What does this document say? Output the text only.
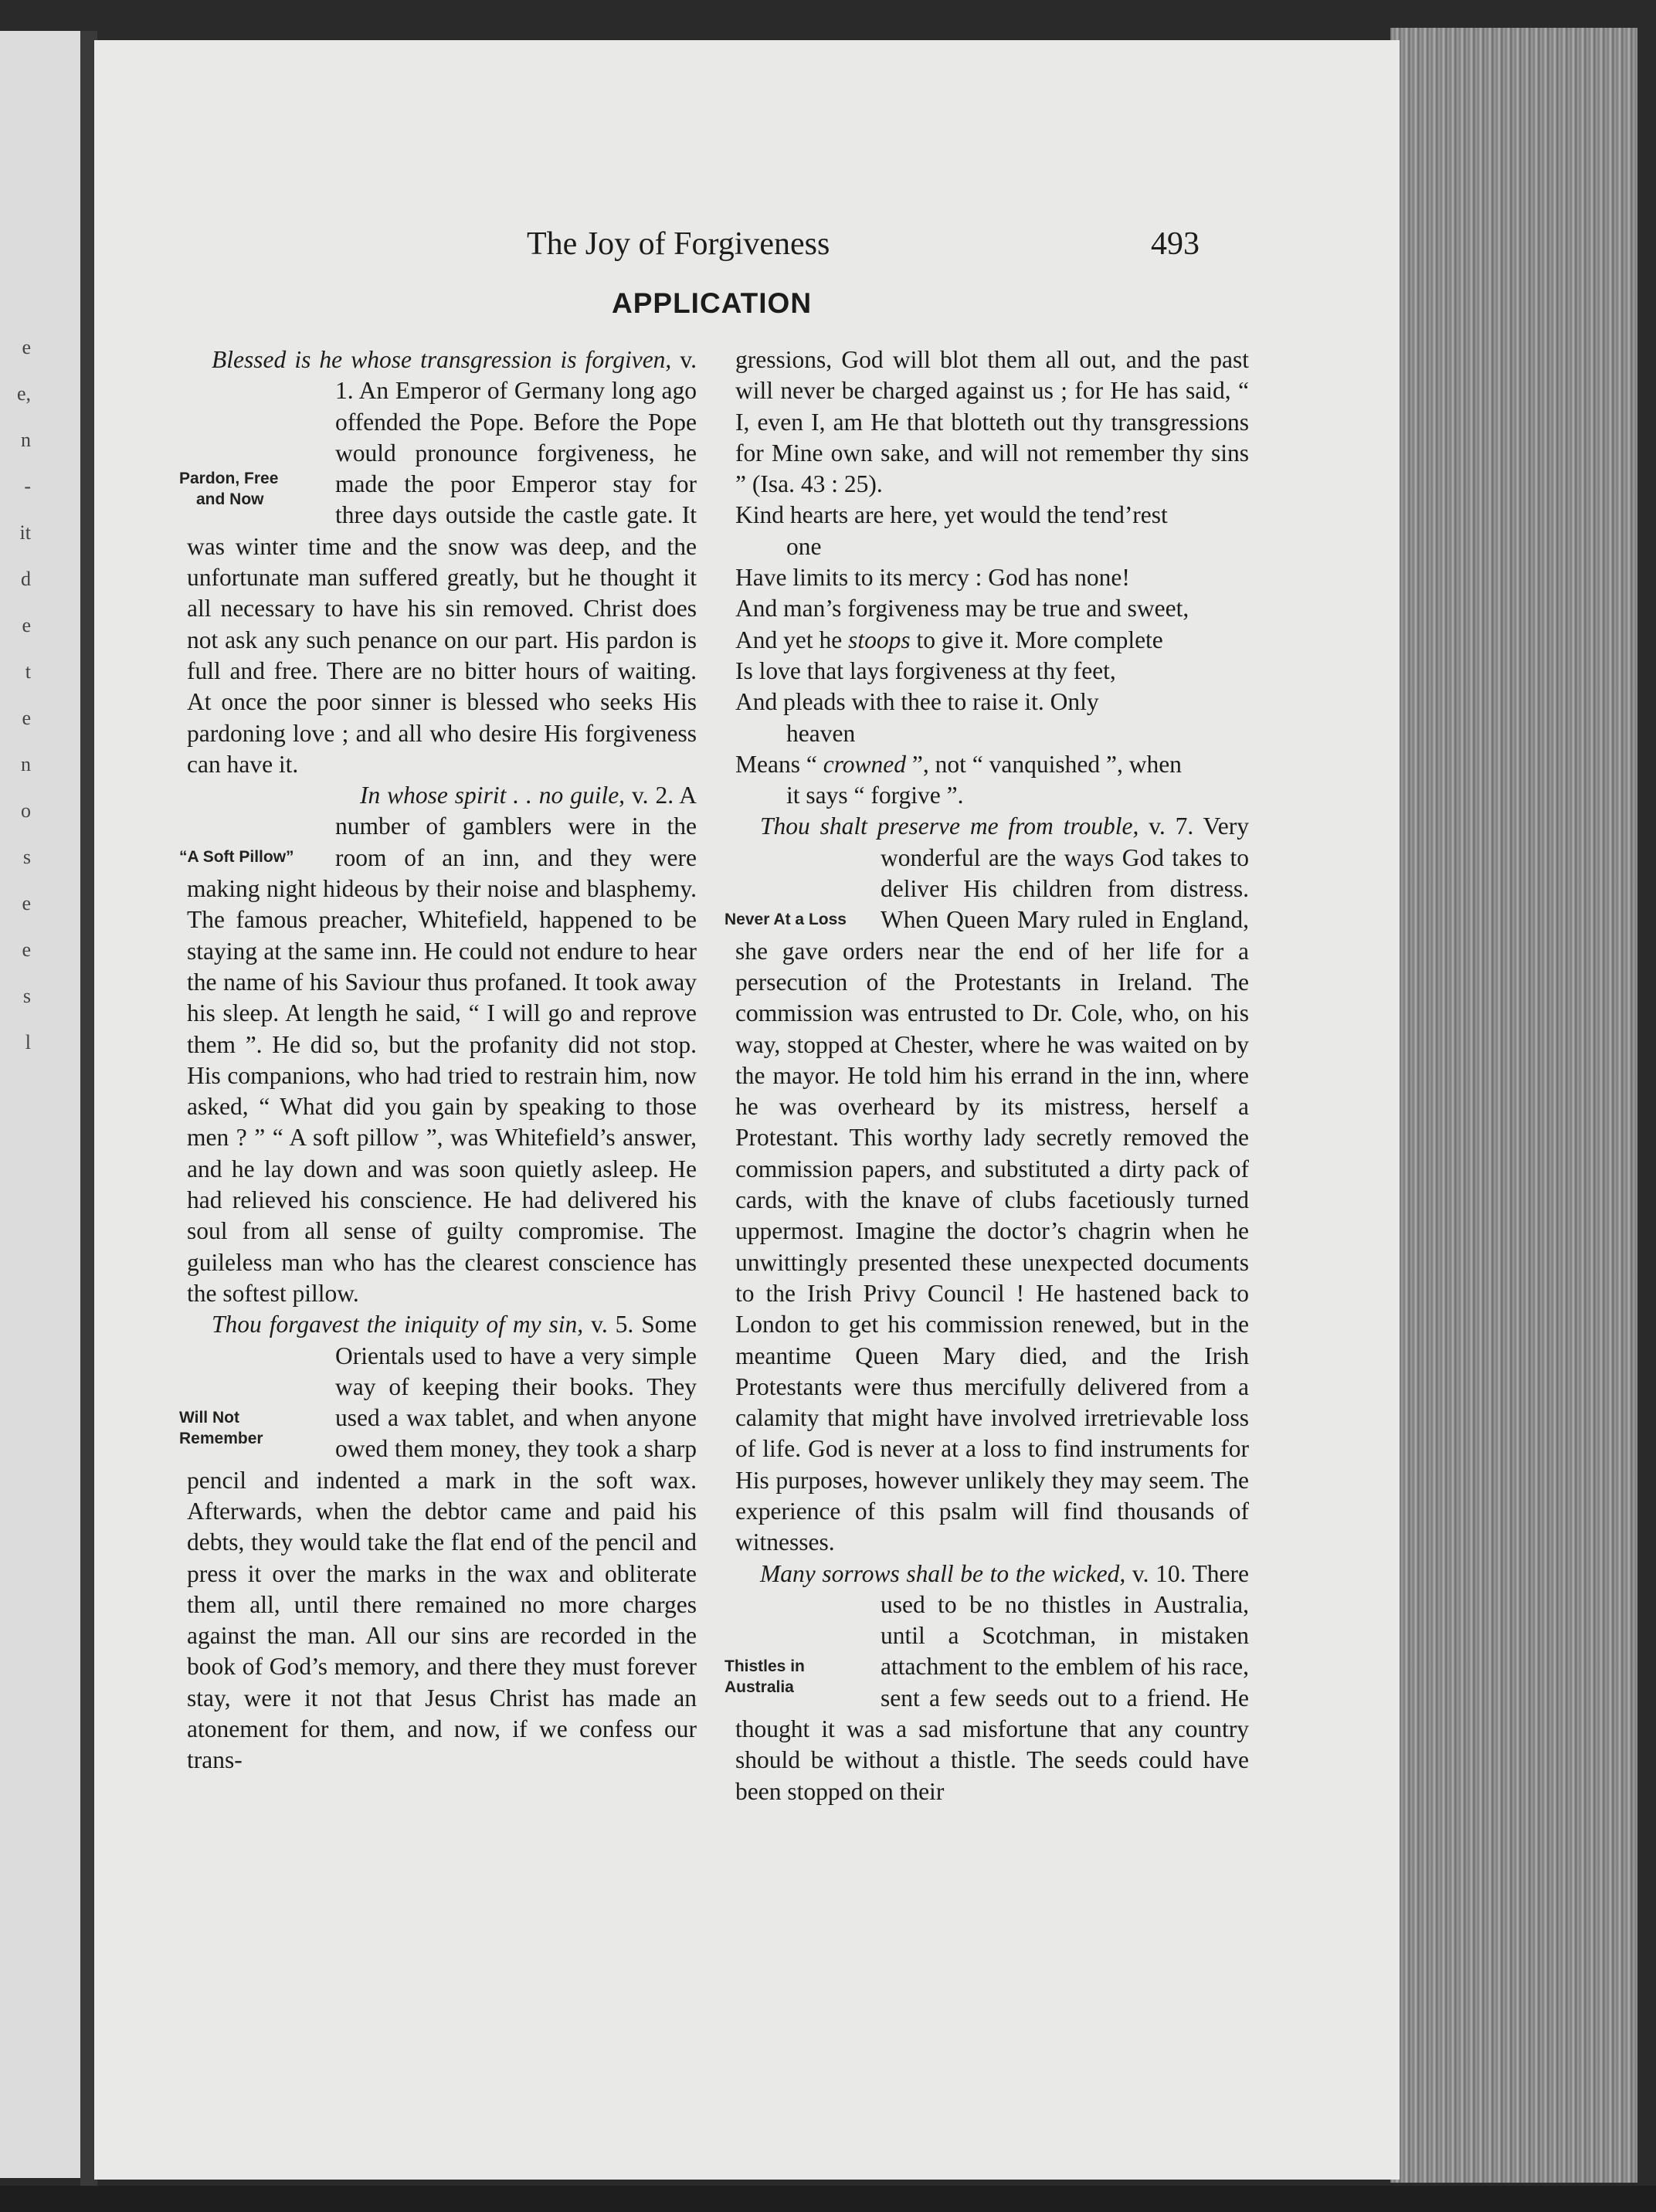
e
e,
n
-
it
d
e
t
e
n
o
s
e
e
s
l
The Joy of Forgiveness	493
APPLICATION

Blessed is he whose transgression is forgiven,
Pardon, Free
and Now
v. 1. An Emperor of Germany long ago offended the Pope. Before the Pope would pronounce forgiveness, he made the poor Emperor stay for three days outside the castle gate. It was winter time and the snow was deep, and the unfortunate man suffered greatly, but he thought it all necessary to have his sin removed. Christ does not ask any such penance on our part. His pardon is full and free. There are no bitter hours of waiting. At once the poor sinner is blessed who seeks His pardoning love ; and all who desire His forgiveness can have it.

In whose spirit . . no guile,
“A Soft Pillow”
v. 2. A number of gamblers were in the room of an inn, and they were making night hideous by their noise and blasphemy. The famous preacher, Whitefield, happened to be staying at the same inn. He could not endure to hear the name of his Saviour thus profaned. It took away his sleep. At length he said, “ I will go and reprove them ”. He did so, but the profanity did not stop. His companions, who had tried to restrain him, now asked, “ What did you gain by speaking to those men ? ” “ A soft pillow ”, was Whitefield’s answer, and he lay down and was soon quietly asleep. He had relieved his conscience. He had delivered his soul from all sense of guilty compromise. The guileless man who has the clearest conscience has the softest pillow.

Thou forgavest the iniquity of my sin,
Will Not
Remember
v. 5. Some Orientals used to have a very simple way of keeping their books. They used a wax tablet, and when anyone owed them money, they took a sharp pencil and indented a mark in the soft wax. Afterwards, when the debtor came and paid his debts, they would take the flat end of the pencil and press it over the marks in the wax and obliterate them all, until there remained no more charges against the man. All our sins are recorded in the book of God’s memory, and there they must forever stay, were it not that Jesus Christ has made an atonement for them, and now, if we confess our trans-

gressions, God will blot them all out, and the past will never be charged against us ; for He has said, “ I, even I, am He that blotteth out thy transgressions for Mine own sake, and will not remember thy sins ” (Isa. 43 : 25).

Kind hearts are here, yet would the tend’rest
one
Have limits to its mercy : God has none!
And man’s forgiveness may be true and sweet,
And yet he stoops to give it. More complete
Is love that lays forgiveness at thy feet,
And pleads with thee to raise it. Only
heaven
Means “ crowned ”, not “ vanquished ”, when
it says “ forgive ”.

Thou shalt preserve me from trouble,
Never At a Loss
v. 7. Very wonderful are the ways God takes to deliver His children from distress. When Queen Mary ruled in England, she gave orders near the end of her life for a persecution of the Protestants in Ireland. The commission was entrusted to Dr. Cole, who, on his way, stopped at Chester, where he was waited on by the mayor. He told him his errand in the inn, where he was overheard by its mistress, herself a Protestant. This worthy lady secretly removed the commission papers, and substituted a dirty pack of cards, with the knave of clubs facetiously turned uppermost. Imagine the doctor’s chagrin when he unwittingly presented these unexpected documents to the Irish Privy Council ! He hastened back to London to get his commission renewed, but in the meantime Queen Mary died, and the Irish Protestants were thus mercifully delivered from a calamity that might have involved irretrievable loss of life. God is never at a loss to find instruments for His purposes, however unlikely they may seem. The experience of this psalm will find thousands of witnesses.

Many sorrows shall be to the wicked,
Thistles in
Australia
v. 10. There used to be no thistles in Australia, until a Scotchman, in mistaken attachment to the emblem of his race, sent a few seeds out to a friend. He thought it was a sad misfortune that any country should be without a thistle. The seeds could have been stopped on their
